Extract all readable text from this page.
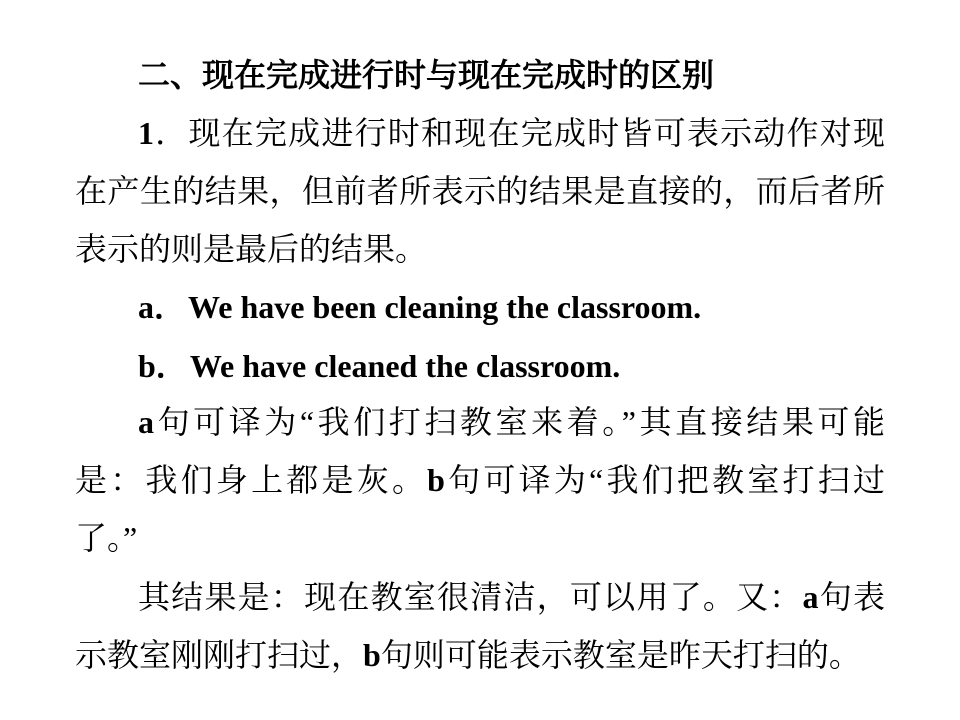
二、现在完成进行时与现在完成时的区别
1．现在完成进行时和现在完成时皆可表示动作对现
在产生的结果，但前者所表示的结果是直接的，而后者所
表示的则是最后的结果。
a．We have been cleaning the classroom.
b．We have cleaned the classroom.
a句可译为“我们打扫教室来着。”其直接结果可能
是：我们身上都是灰。b句可译为“我们把教室打扫过
了。”
其结果是：现在教室很清洁，可以用了。又：a句表
示教室刚刚打扫过，b句则可能表示教室是昨天打扫的。
